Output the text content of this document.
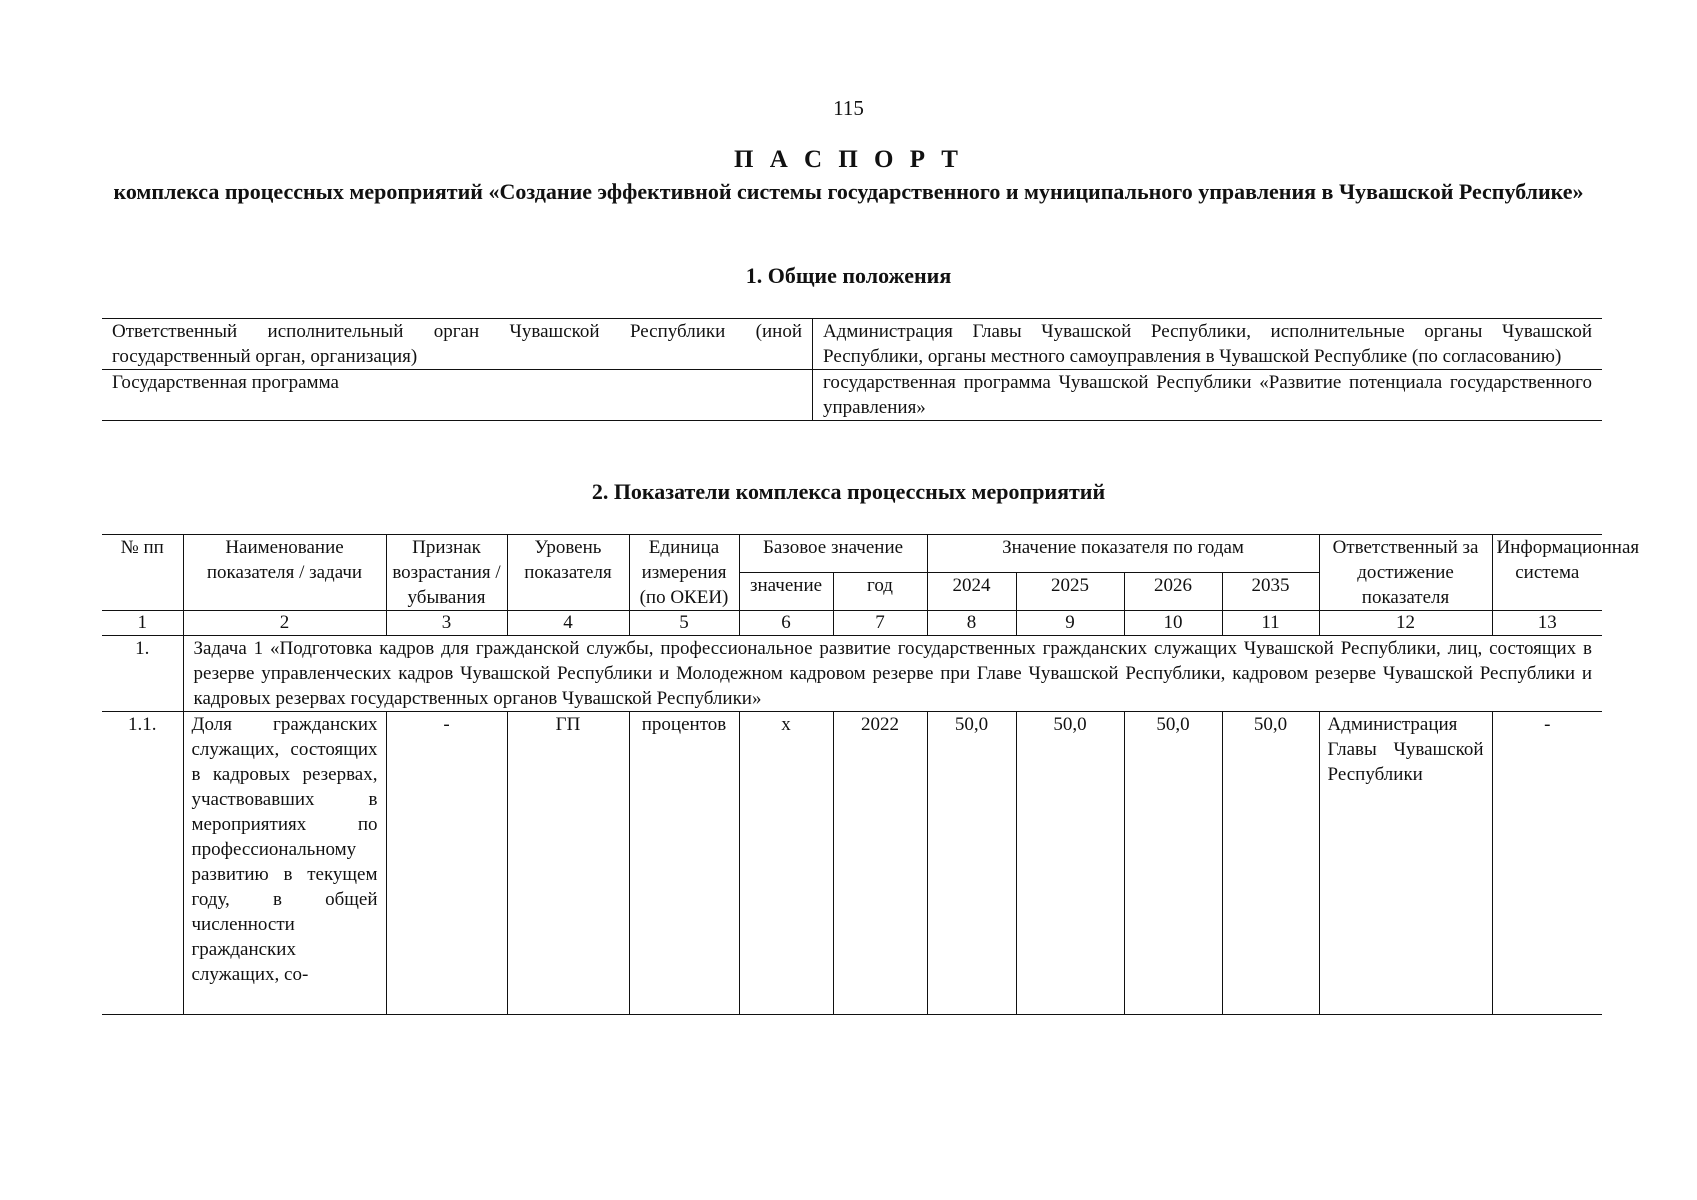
115
П А С П О Р Т
комплекса процессных мероприятий «Создание эффективной системы государственного и муниципального управления в Чувашской Республике»
1. Общие положения
Ответственный исполнительный орган Чувашской Республики (иной государственный орган, организация)	Администрация Главы Чувашской Республики, исполнительные органы Чувашской Республики, органы местного самоуправления в Чувашской Республике (по согласованию)
Государственная программа	государственная программа Чувашской Республики «Развитие потенциала государственного управления»
2. Показатели комплекса процессных мероприятий
№ пп	Наименование показателя / задачи	Признак возрастания / убывания	Уровень показателя	Единица измерения (по ОКЕИ)	Базовое значение		Значение показателя по годам				Ответственный за достижение показателя	Информационная система
					значение	год	2024	2025	2026	2035		
1	2	3	4	5	6	7	8	9	10	11	12	13
1.	Задача 1 «Подготовка кадров для гражданской службы, профессиональное развитие государственных гражданских служащих Чувашской Республики, лиц, состоящих в резерве управленческих кадров Чувашской Республики и Молодежном кадровом резерве при Главе Чувашской Республики, кадровом резерве Чувашской Республики и кадровых резервах государственных органов Чувашской Республики»											
1.1.	Доля гражданских служащих, состоящих в кадровых резервах, участвовавших в мероприятиях по профессиональному развитию в текущем году, в общей численности гражданских служащих, со-	-	ГП	процентов	х	2022	50,0	50,0	50,0	50,0	Администрация Главы Чувашской Республики	-
